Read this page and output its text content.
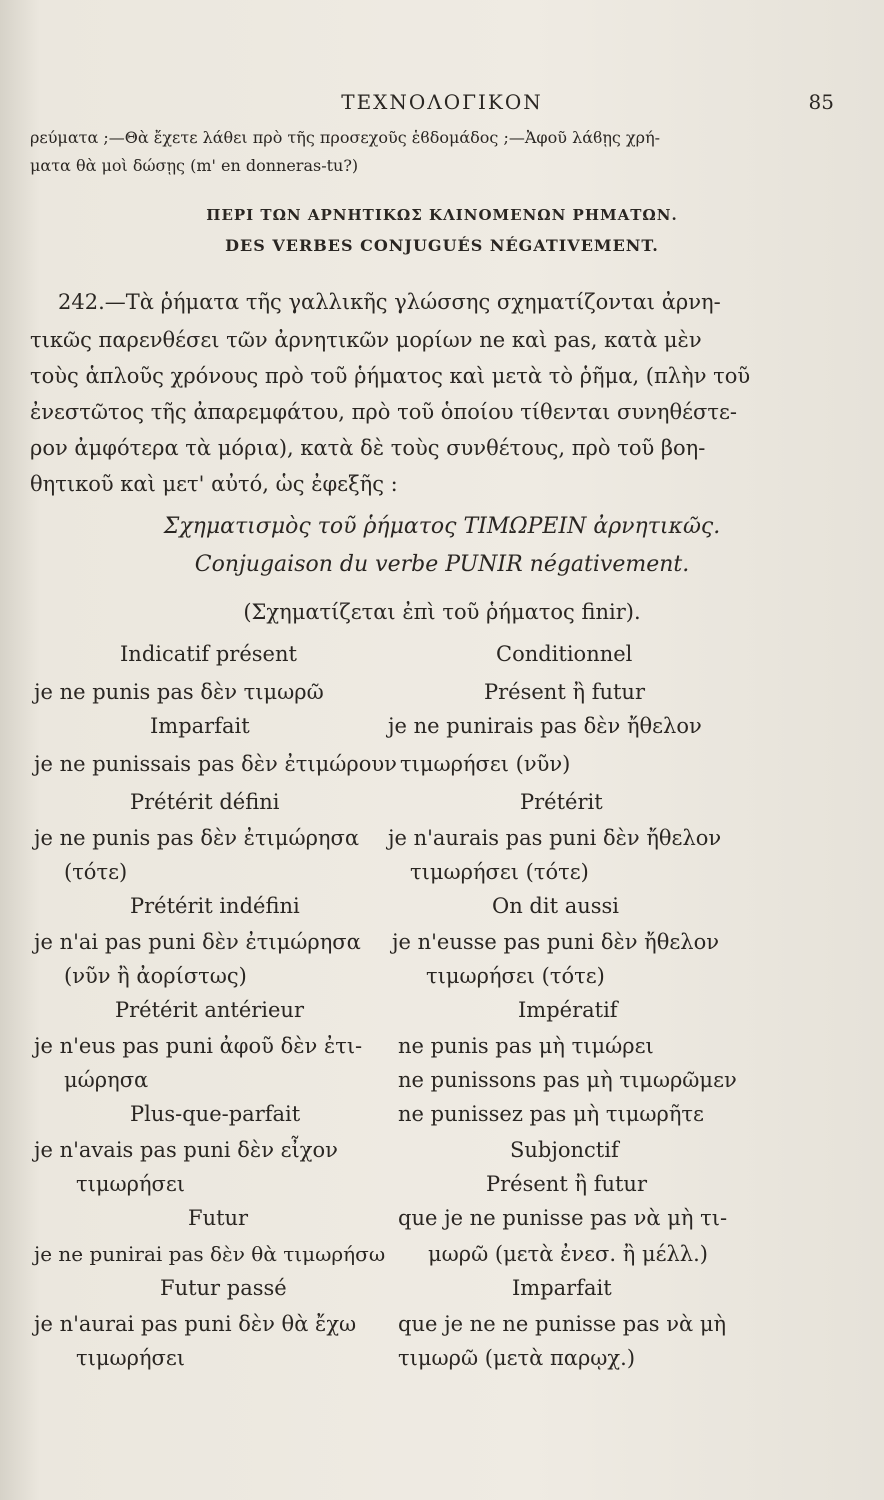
ΤΕΧΝΟΛΟΓΙΚΟΝ	85
ρεύματα ;—Θὰ ἔχετε λάθει πρὸ τῆς προσεχοῦς ἑϐδομάδος ;—Ἀφοῦ λάϐῃς χρή-
ματα θὰ μοὶ δώσῃς (m' en donneras-tu?)
ΠΕΡΙ ΤΩΝ ΑΡΝΗΤΙΚΩΣ ΚΛΙΝΟΜΕΝΩΝ ΡΗΜΑΤΩΝ.
DES VERBES CONJUGUÉS NÉGATIVEMENT.
242.—Τὰ ῥήματα τῆς γαλλικῆς γλώσσης σχηματίζονται ἀρνη-
τικῶς παρενθέσει τῶν ἀρνητικῶν μορίων ne καὶ pas, κατὰ μὲν
τοὺς ἁπλοῦς χρόνους πρὸ τοῦ ῥήματος καὶ μετὰ τὸ ῥῆμα, (πλὴν τοῦ
ἐνεστῶτος τῆς ἀπαρεμφάτου, πρὸ τοῦ ὁποίου τίθενται συνηθέστε-
ρον ἀμφότερα τὰ μόρια), κατὰ δὲ τοὺς συνθέτους, πρὸ τοῦ βοη-
θητικοῦ καὶ μετ' αὐτό, ὡς ἐφεξῆς :
Σχηματισμὸς τοῦ ῥήματος ΤΙΜΩΡΕΙΝ ἀρνητικῶς.
Conjugaison du verbe PUNIR négativement.
(Σχηματίζεται ἐπὶ τοῦ ῥήματος finir).
Indicatif présent
je ne punis pas δὲν τιμωρῶ
Imparfait
je ne punissais pas δὲν ἐτιμώρουν
Prétérit défini
je ne punis pas δὲν ἐτιμώρησα
(τότε)
Prétérit indéfini
je n'ai pas puni δὲν ἐτιμώρησα
(νῦν ἢ ἀορίστως)
Prétérit antérieur
je n'eus pas puni ἀφοῦ δὲν ἐτι-
μώρησα
Plus-que-parfait
je n'avais pas puni δὲν εἶχον
τιμωρήσει
Futur
je ne punirai pas δὲν θὰ τιμωρήσω
Futur passé
je n'aurai pas puni δὲν θὰ ἔχω
τιμωρήσει
Conditionnel
Présent ἢ futur
je ne punirais pas δὲν ἤθελον
τιμωρήσει (νῦν)
Prétérit
je n'aurais pas puni δὲν ἤθελον
τιμωρήσει (τότε)
On dit aussi
je n'eusse pas puni δὲν ἤθελον
τιμωρήσει (τότε)
Impératif
ne punis pas μὴ τιμώρει
ne punissons pas μὴ τιμωρῶμεν
ne punissez pas μὴ τιμωρῆτε
Subjonctif
Présent ἢ futur
que je ne punisse pas νὰ μὴ τι-
μωρῶ (μετὰ ἐνεσ. ἢ μέλλ.)
Imparfait
que je ne ne punisse pas νὰ μὴ
τιμωρῶ (μετὰ παρῳχ.)
